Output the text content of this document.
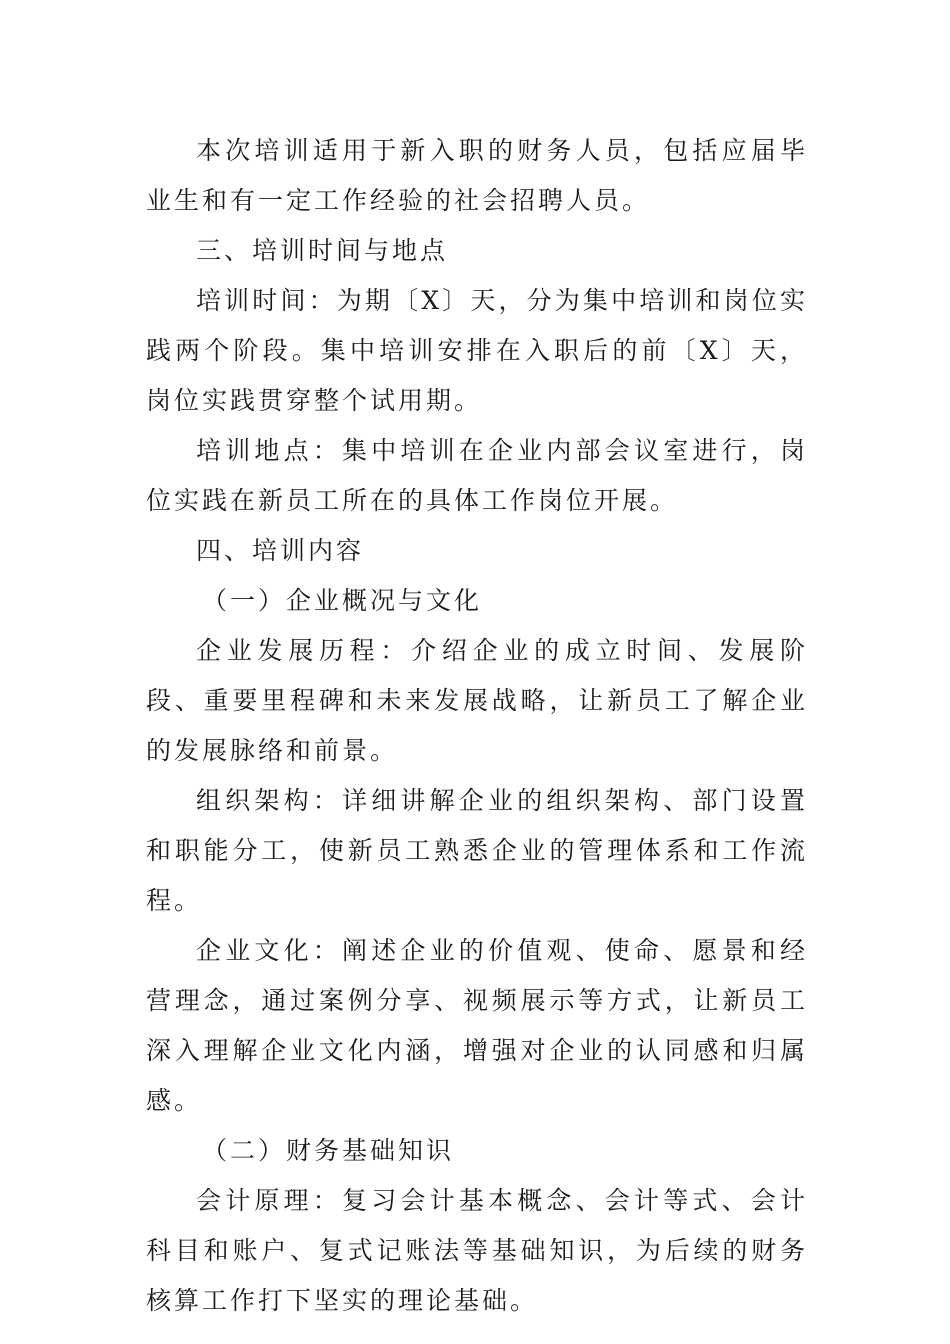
本次培训适用于新入职的财务人员，包括应届毕业生和有一定工作经验的社会招聘人员。

三、培训时间与地点

培训时间：为期〔X〕天，分为集中培训和岗位实践两个阶段。集中培训安排在入职后的前〔X〕天，岗位实践贯穿整个试用期。

培训地点：集中培训在企业内部会议室进行，岗位实践在新员工所在的具体工作岗位开展。

四、培训内容

（一）企业概况与文化

企业发展历程：介绍企业的成立时间、发展阶段、重要里程碑和未来发展战略，让新员工了解企业的发展脉络和前景。

组织架构：详细讲解企业的组织架构、部门设置和职能分工，使新员工熟悉企业的管理体系和工作流程。

企业文化：阐述企业的价值观、使命、愿景和经营理念，通过案例分享、视频展示等方式，让新员工深入理解企业文化内涵，增强对企业的认同感和归属感。

（二）财务基础知识

会计原理：复习会计基本概念、会计等式、会计科目和账户、复式记账法等基础知识，为后续的财务核算工作打下坚实的理论基础。
